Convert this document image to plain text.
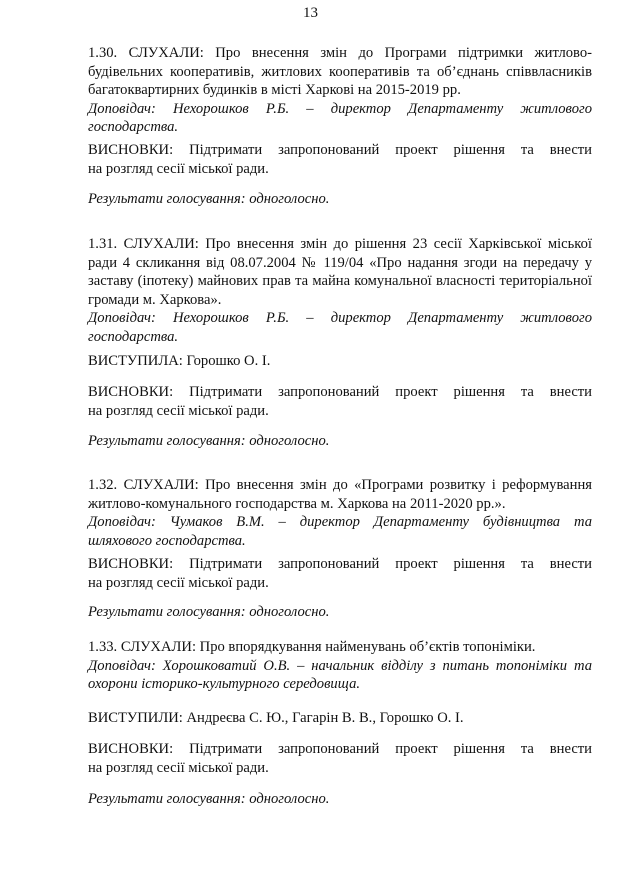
13
1.30. СЛУХАЛИ: Про внесення змін до Програми підтримки житлово-
будівельних кооперативів, житлових кооперативів та об’єднань співвласників
багатоквартирних будинків в місті Харкові на 2015-2019 рр.
Доповідач: Нехорошков Р.Б. – директор Департаменту житлового
господарства.
ВИСНОВКИ: Підтримати запропонований проект рішення та внести
на розгляд сесії міської ради.
Результати голосування: одноголосно.
1.31. СЛУХАЛИ: Про внесення змін до рішення 23 сесії Харківської міської
ради 4 скликання від 08.07.2004 № 119/04 «Про надання згоди на передачу у
заставу (іпотеку) майнових прав та майна комунальної власності територіальної
громади м. Харкова».
Доповідач: Нехорошков Р.Б. – директор Департаменту житлового
господарства.
ВИСТУПИЛА: Горошко О. І.
ВИСНОВКИ: Підтримати запропонований проект рішення та внести
на розгляд сесії міської ради.
Результати голосування: одноголосно.
1.32. СЛУХАЛИ: Про внесення змін до «Програми розвитку і реформування
житлово-комунального господарства м. Харкова на 2011-2020 рр.».
Доповідач: Чумаков В.М. – директор Департаменту будівництва та
шляхового господарства.
ВИСНОВКИ: Підтримати запропонований проект рішення та внести
на розгляд сесії міської ради.
Результати голосування: одноголосно.
1.33. СЛУХАЛИ: Про впорядкування найменувань об’єктів топоніміки.
Доповідач: Хорошковатий О.В. – начальник відділу з питань топоніміки та
охорони історико-культурного середовища.
ВИСТУПИЛИ: Андреєва С. Ю., Гагарін В. В., Горошко О. І.
ВИСНОВКИ: Підтримати запропонований проект рішення та внести
на розгляд сесії міської ради.
Результати голосування: одноголосно.
